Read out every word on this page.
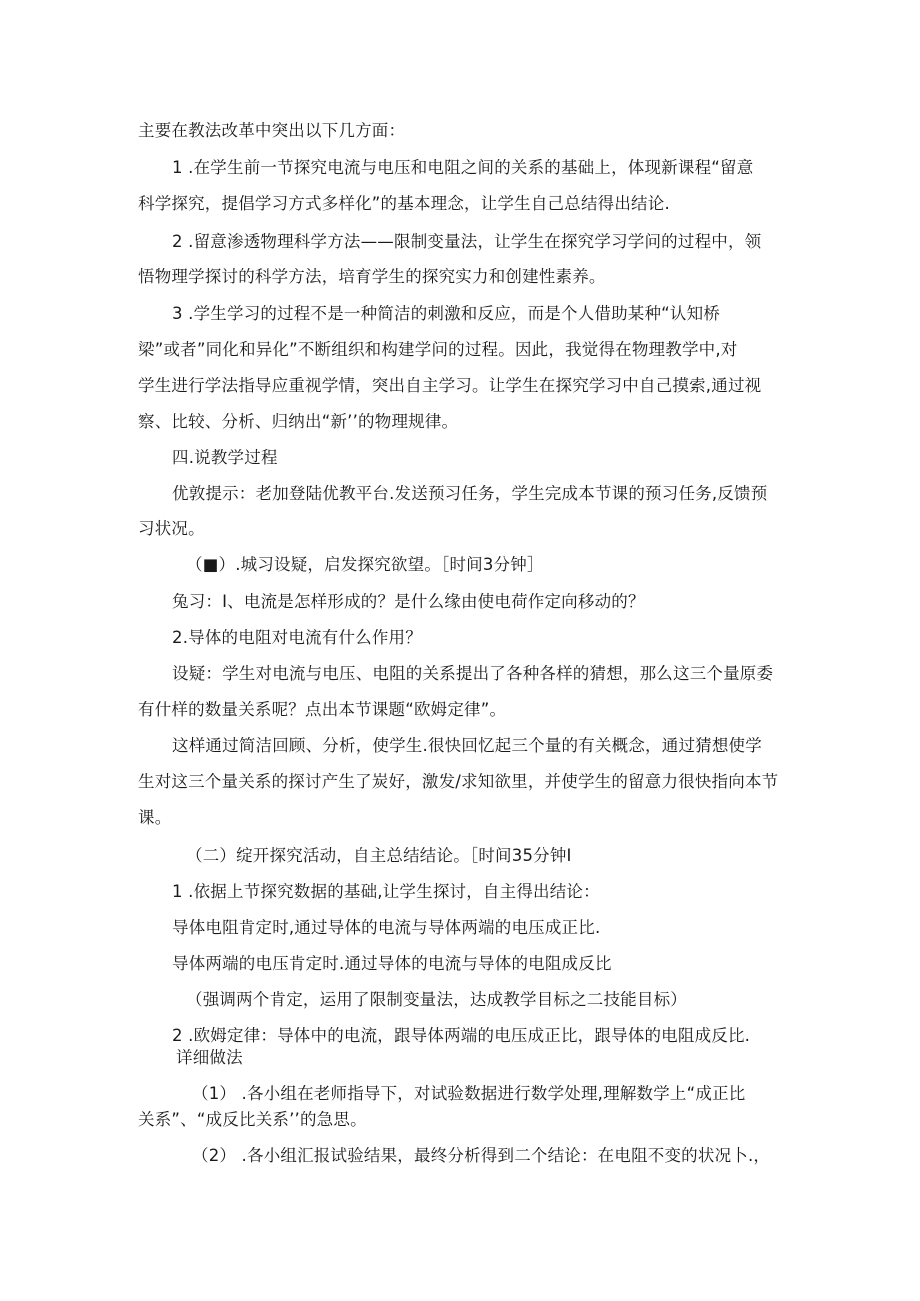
主要在教法改革中突出以下几方面：
1 .在学生前一节探究电流与电压和电阻之间的关系的基础上，体现新课程“留意
科学探究，提倡学习方式多样化”的基本理念，让学生自己总结得出结论.
2 .留意渗透物理科学方法——限制变量法，让学生在探究学习学问的过程中，领
悟物理学探讨的科学方法，培育学生的探究实力和创建性素养。
3 .学生学习的过程不是一种简洁的刺激和反应，而是个人借助某种“认知桥
梁”或者”同化和异化”不断组织和构建学问的过程。因此，我觉得在物理教学中,对
学生进行学法指导应重视学情，突出自主学习。让学生在探究学习中自己摸索,通过视
察、比较、分析、归纳出“新’’的物理规律。
四.说教学过程
优敦提示：老加登陆优教平台.发送预习任务，学生完成本节课的预习任务,反馈预
习状况。
（■）.城习设疑，启发探究欲望。［时间3分钟］
兔习：I、电流是怎样形成的？是什么缘由使电荷作定向移动的？
2.导体的电阻对电流有什么作用？
设疑：学生对电流与电压、电阻的关系提出了各种各样的猜想，那么这三个量原委
有什样的数量关系呢？点出本节课题“欧姆定律”。
这样通过简洁回顾、分析，使学生.很快回忆起三个量的有关概念，通过猜想使学
生对这三个量关系的探讨产生了炭好，激发/求知欲里，并使学生的留意力很快指向本节
课。
（二）绽开探究活动，自主总结结论。［时间35分钟I
1 .依据上节探究数据的基础,让学生探讨，自主得出结论：
导体电阻肯定时,通过导体的电流与导体两端的电压成正比.
导体两端的电压肯定时.通过导体的电流与导体的电阻成反比
（强调两个肯定，运用了限制变量法，达成教学目标之二技能目标）
2 .欧姆定律：导体中的电流，跟导体两端的电压成正比，跟导体的电阻成反比.
详细做法
（1） .各小组在老师指导下，对试验数据进行数学处理,理解数学上“成正比
关系”、“成反比关系’’的急思。
（2） .各小组汇报试验结果，最终分析得到二个结论：在电阻不变的状况卜.，
